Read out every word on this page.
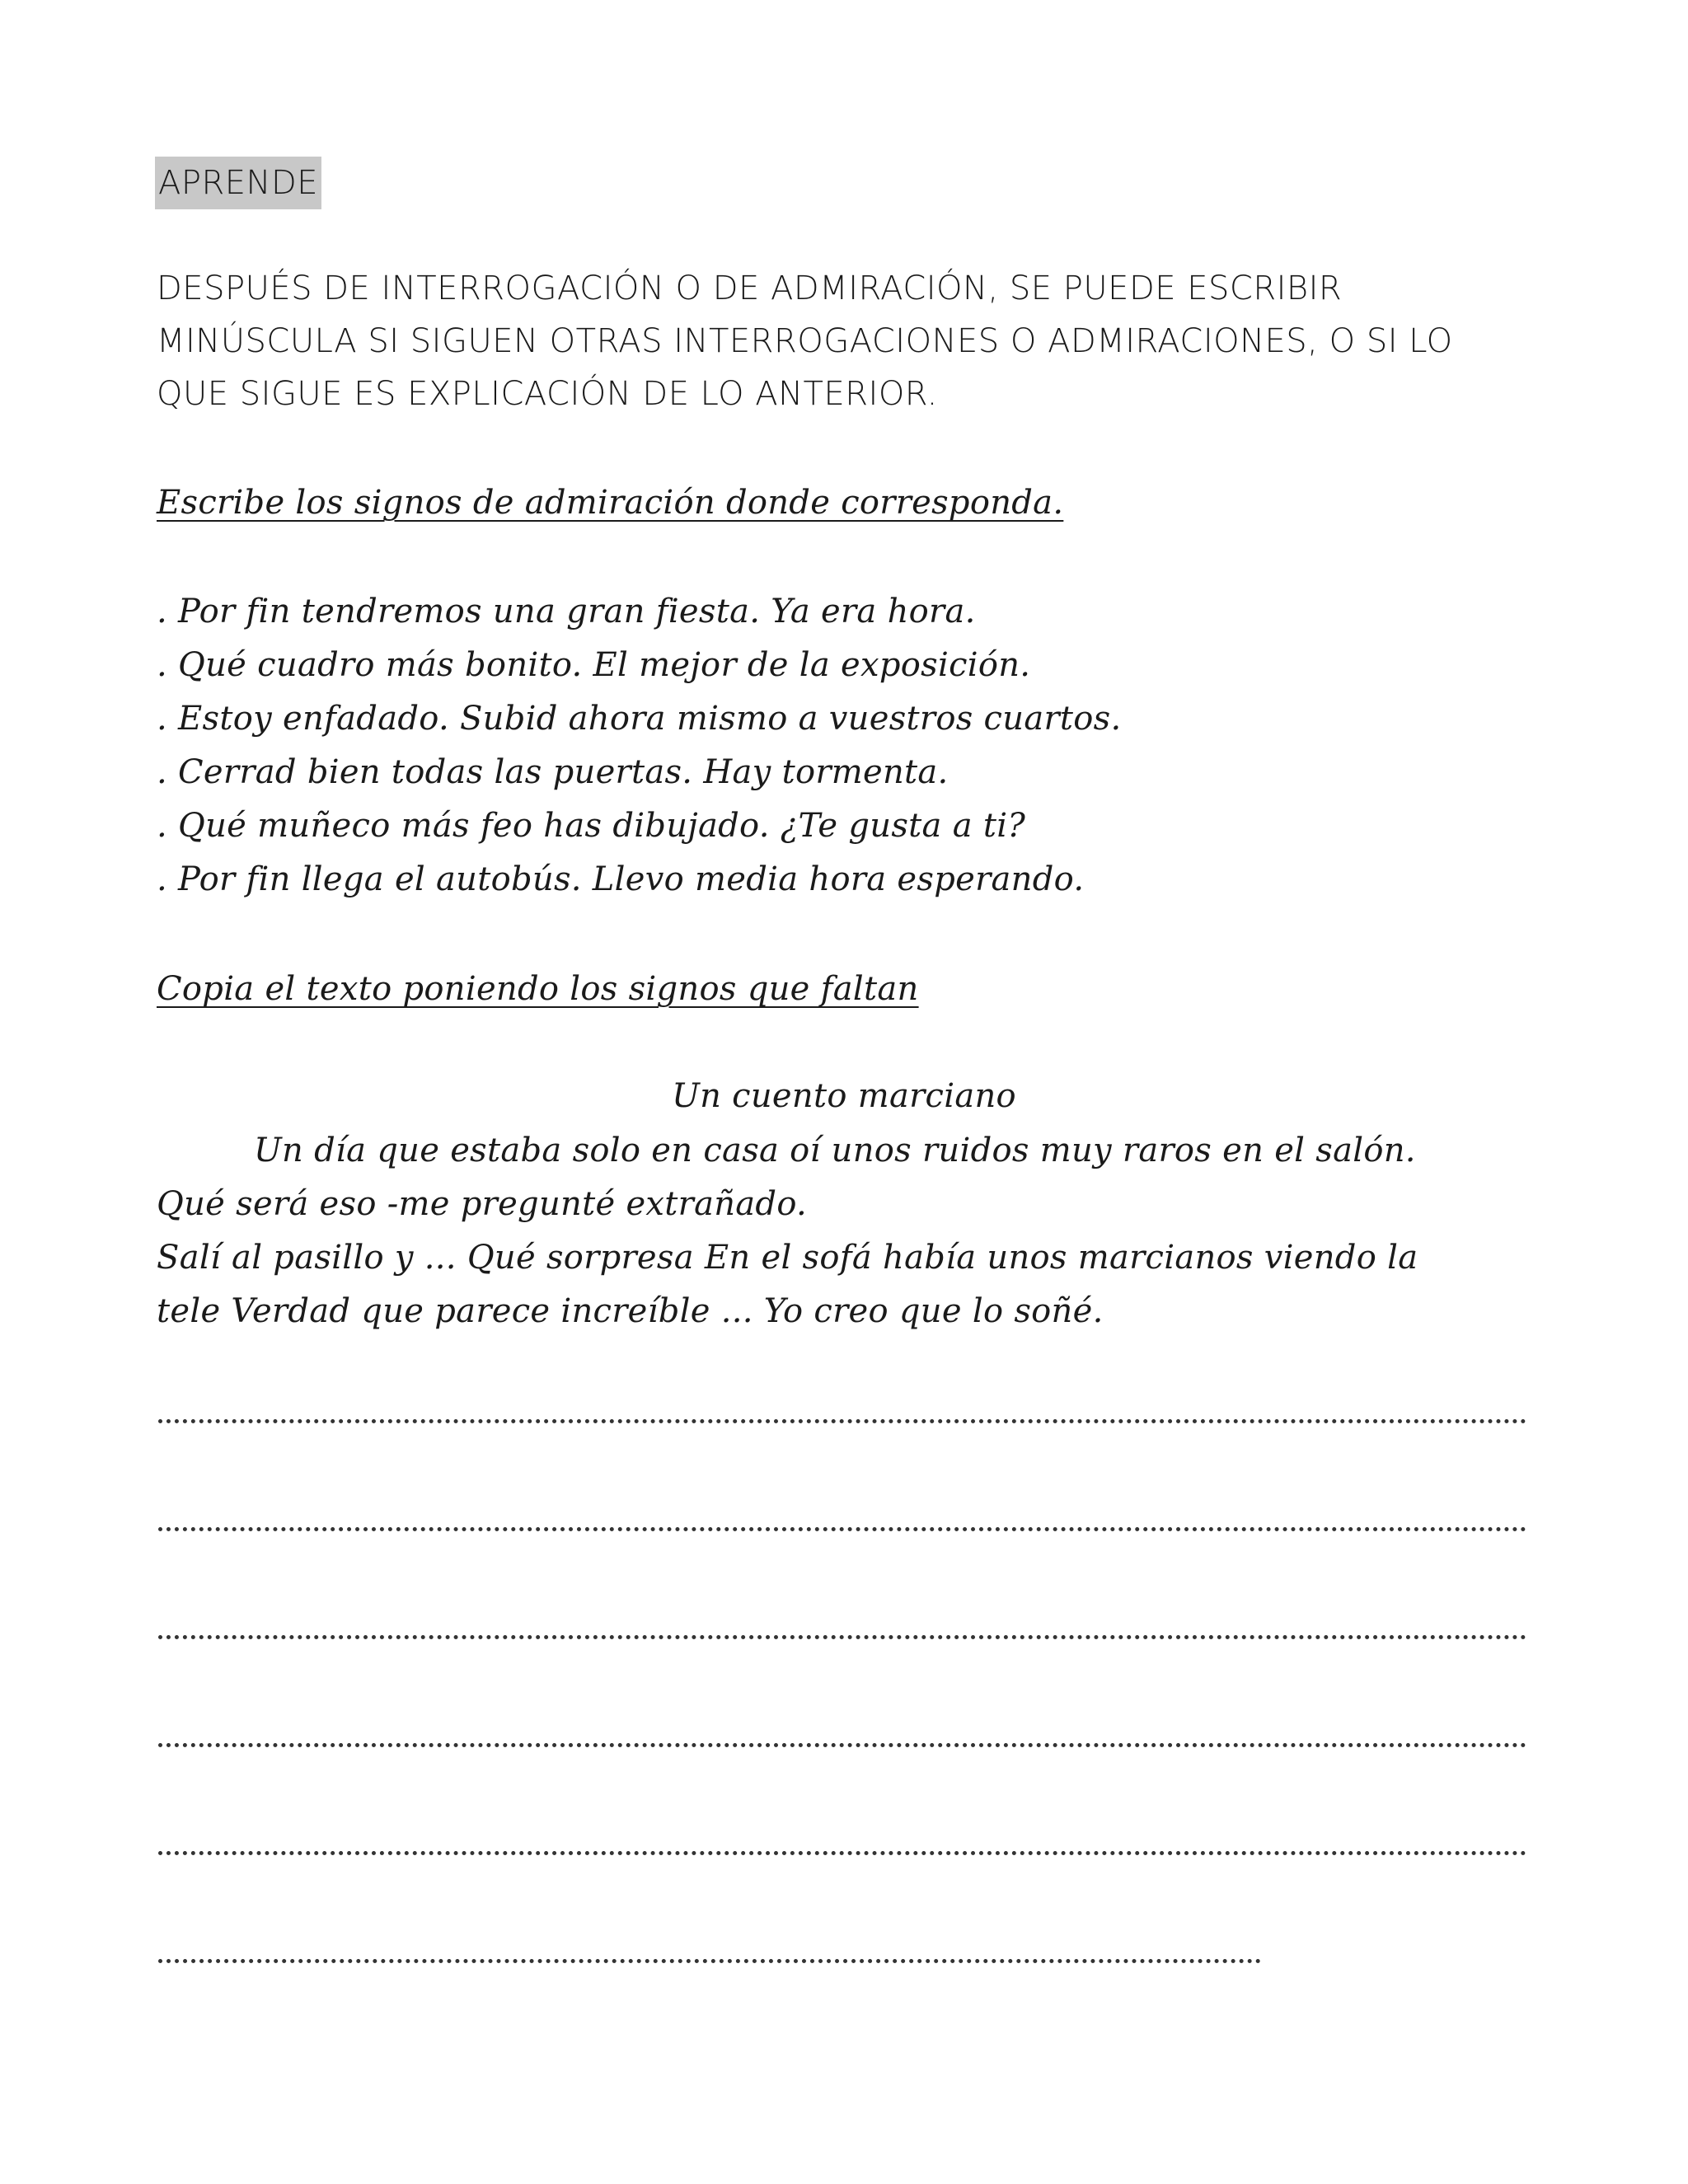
APRENDE
DESPUÉS DE INTERROGACIÓN O DE ADMIRACIÓN, SE PUEDE ESCRIBIR
MINÚSCULA SI SIGUEN OTRAS INTERROGACIONES O ADMIRACIONES, O SI LO
QUE SIGUE ES EXPLICACIÓN DE LO ANTERIOR.
Escribe los signos de admiración donde corresponda.
. Por fin tendremos una gran fiesta. Ya era hora.
. Qué cuadro más bonito. El mejor de la exposición.
. Estoy enfadado. Subid ahora mismo a vuestros cuartos.
. Cerrad bien todas las puertas. Hay tormenta.
. Qué muñeco más feo has dibujado. ¿Te gusta a ti?
. Por fin llega el autobús. Llevo media hora esperando.
Copia el texto poniendo los signos que faltan
Un cuento marciano
Un día que estaba solo en casa oí unos ruidos muy raros en el salón.
Qué será eso -me pregunté extrañado.
Salí al pasillo y ... Qué sorpresa En el sofá había unos marcianos viendo la
tele Verdad que parece increíble ... Yo creo que lo soñé.
